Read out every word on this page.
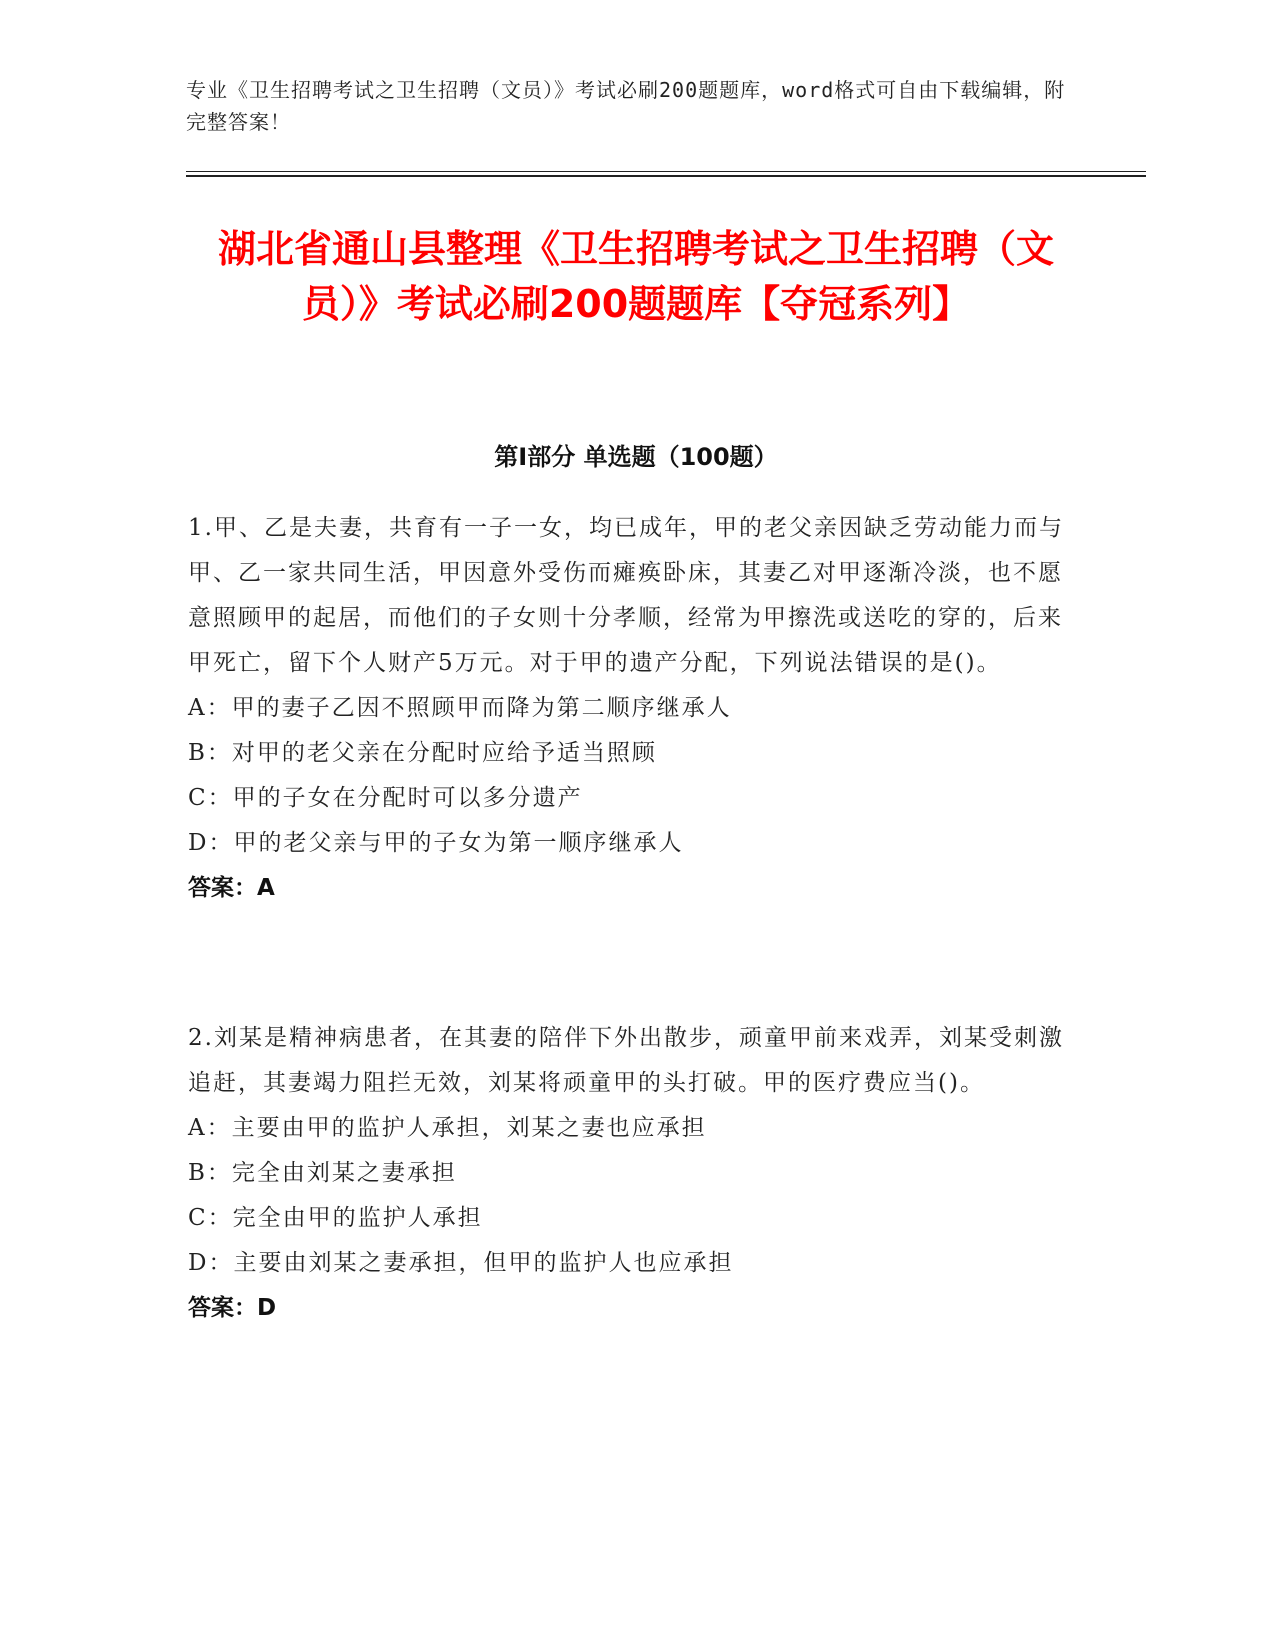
专业《卫生招聘考试之卫生招聘（文员）》考试必刷200题题库，word格式可自由下载编辑，附完整答案！
湖北省通山县整理《卫生招聘考试之卫生招聘（文员）》考试必刷200题题库【夺冠系列】
第Ⅰ部分 单选题（100题）

1.甲、乙是夫妻，共育有一子一女，均已成年，甲的老父亲因缺乏劳动能力而与甲、乙一家共同生活，甲因意外受伤而瘫痪卧床，其妻乙对甲逐渐冷淡，也不愿意照顾甲的起居，而他们的子女则十分孝顺，经常为甲擦洗或送吃的穿的，后来甲死亡，留下个人财产5万元。对于甲的遗产分配，下列说法错误的是()。

A：甲的妻子乙因不照顾甲而降为第二顺序继承人

B：对甲的老父亲在分配时应给予适当照顾

C：甲的子女在分配时可以多分遗产

D：甲的老父亲与甲的子女为第一顺序继承人

答案：A

2.刘某是精神病患者，在其妻的陪伴下外出散步，顽童甲前来戏弄，刘某受刺激追赶，其妻竭力阻拦无效，刘某将顽童甲的头打破。甲的医疗费应当()。

A：主要由甲的监护人承担，刘某之妻也应承担

B：完全由刘某之妻承担

C：完全由甲的监护人承担

D：主要由刘某之妻承担，但甲的监护人也应承担

答案：D
